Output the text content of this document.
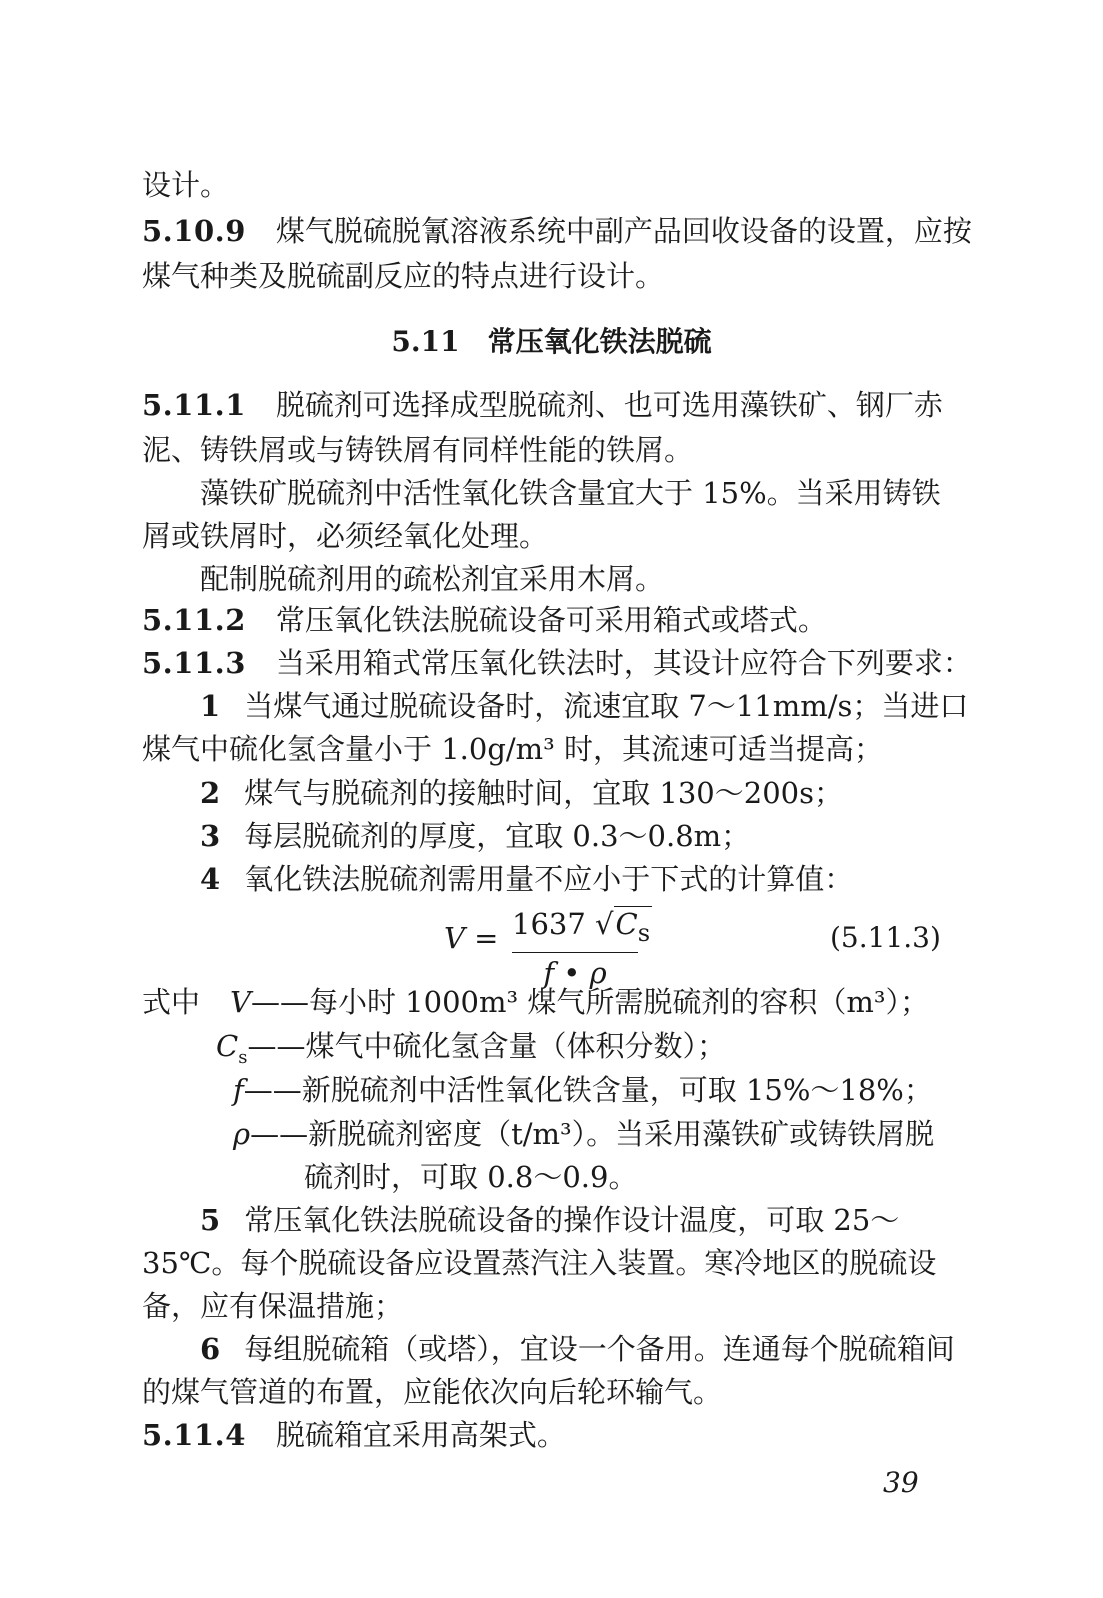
设计。
5.10.9 煤气脱硫脱氰溶液系统中副产品回收设备的设置，应按
煤气种类及脱硫副反应的特点进行设计。
5.11 常压氧化铁法脱硫
5.11.1 脱硫剂可选择成型脱硫剂、也可选用藻铁矿、钢厂赤
泥、铸铁屑或与铸铁屑有同样性能的铁屑。
藻铁矿脱硫剂中活性氧化铁含量宜大于 15%。当采用铸铁
屑或铁屑时，必须经氧化处理。
配制脱硫剂用的疏松剂宜采用木屑。
5.11.2 常压氧化铁法脱硫设备可采用箱式或塔式。
5.11.3 当采用箱式常压氧化铁法时，其设计应符合下列要求：
1 当煤气通过脱硫设备时，流速宜取 7～11mm/s；当进口
煤气中硫化氢含量小于 1.0g/m³ 时，其流速可适当提高；
2 煤气与脱硫剂的接触时间，宜取 130～200s；
3 每层脱硫剂的厚度，宜取 0.3～0.8m；
4 氧化铁法脱硫剂需用量不应小于下式的计算值：
$V = \frac{1637 √C_s}{f • \rho}$	(5.11.3)
式中 V——每小时 1000m³ 煤气所需脱硫剂的容积（m³）；
$C_s——$煤气中硫化氢含量（体积分数）；
f——新脱硫剂中活性氧化铁含量，可取 15%～18%；
ρ——新脱硫剂密度（t/m³）。当采用藻铁矿或铸铁屑脱
硫剂时，可取 0.8～0.9。
5 常压氧化铁法脱硫设备的操作设计温度，可取 25～
35℃。每个脱硫设备应设置蒸汽注入装置。寒冷地区的脱硫设
备，应有保温措施；
6 每组脱硫箱（或塔），宜设一个备用。连通每个脱硫箱间
的煤气管道的布置，应能依次向后轮环输气。
5.11.4 脱硫箱宜采用高架式。
39
